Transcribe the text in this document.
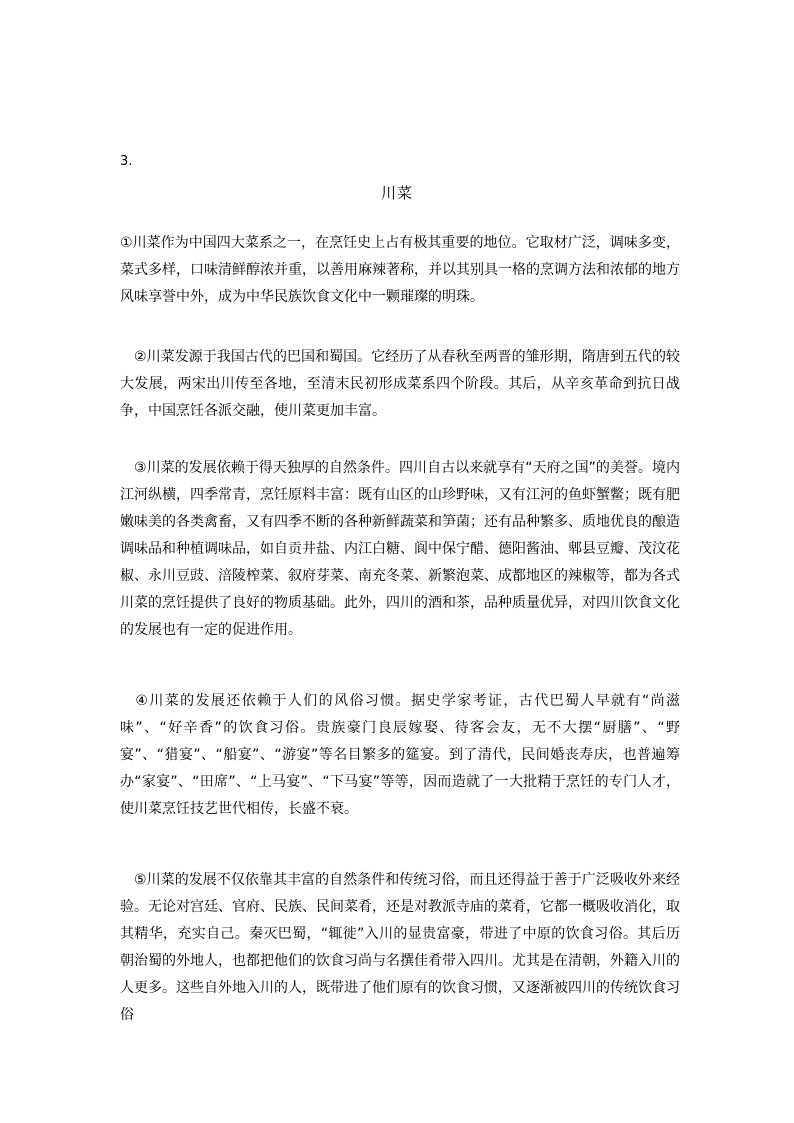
3.
川菜

①川菜作为中国四大菜系之一，在烹饪史上占有极其重要的地位。它取材广泛，调味多变，菜式多样，口味清鲜醇浓并重，以善用麻辣著称，并以其别具一格的烹调方法和浓郁的地方风味享誉中外，成为中华民族饮食文化中一颗璀璨的明珠。

　②川菜发源于我国古代的巴国和蜀国。它经历了从春秋至两晋的雏形期，隋唐到五代的较大发展，两宋出川传至各地，至清末民初形成菜系四个阶段。其后，从辛亥革命到抗日战争，中国烹饪各派交融，使川菜更加丰富。

　③川菜的发展依赖于得天独厚的自然条件。四川自古以来就享有“天府之国”的美誉。境内江河纵横，四季常青，烹饪原料丰富：既有山区的山珍野味，又有江河的鱼虾蟹鳖；既有肥嫩味美的各类禽畜，又有四季不断的各种新鲜蔬菜和笋菌；还有品种繁多、质地优良的酿造调味品和种植调味品，如自贡井盐、内江白糖、阆中保宁醋、德阳酱油、郫县豆瓣、茂汶花椒、永川豆豉、涪陵榨菜、叙府芽菜、南充冬菜、新繁泡菜、成都地区的辣椒等，都为各式川菜的烹饪提供了良好的物质基础。此外，四川的酒和茶，品种质量优异，对四川饮食文化的发展也有一定的促进作用。

　④川菜的发展还依赖于人们的风俗习惯。据史学家考证，古代巴蜀人早就有“尚滋味”、“好辛香”的饮食习俗。贵族豪门良辰嫁娶、待客会友，无不大摆“厨膳”、“野宴”、“猎宴”、“船宴”、“游宴”等名目繁多的筵宴。到了清代，民间婚丧寿庆，也普遍筹办“家宴”、“田席”、“上马宴”、“下马宴”等等，因而造就了一大批精于烹饪的专门人才，使川菜烹饪技艺世代相传，长盛不衰。

　⑤川菜的发展不仅依靠其丰富的自然条件和传统习俗，而且还得益于善于广泛吸收外来经验。无论对宫廷、官府、民族、民间菜肴，还是对教派寺庙的菜肴，它都一概吸收消化，取其精华，充实自己。秦灭巴蜀，“辄徙”入川的显贵富豪，带进了中原的饮食习俗。其后历朝治蜀的外地人，也都把他们的饮食习尚与名撰佳肴带入四川。尤其是在清朝，外籍入川的人更多。这些自外地入川的人，既带进了他们原有的饮食习惯，又逐渐被四川的传统饮食习俗
